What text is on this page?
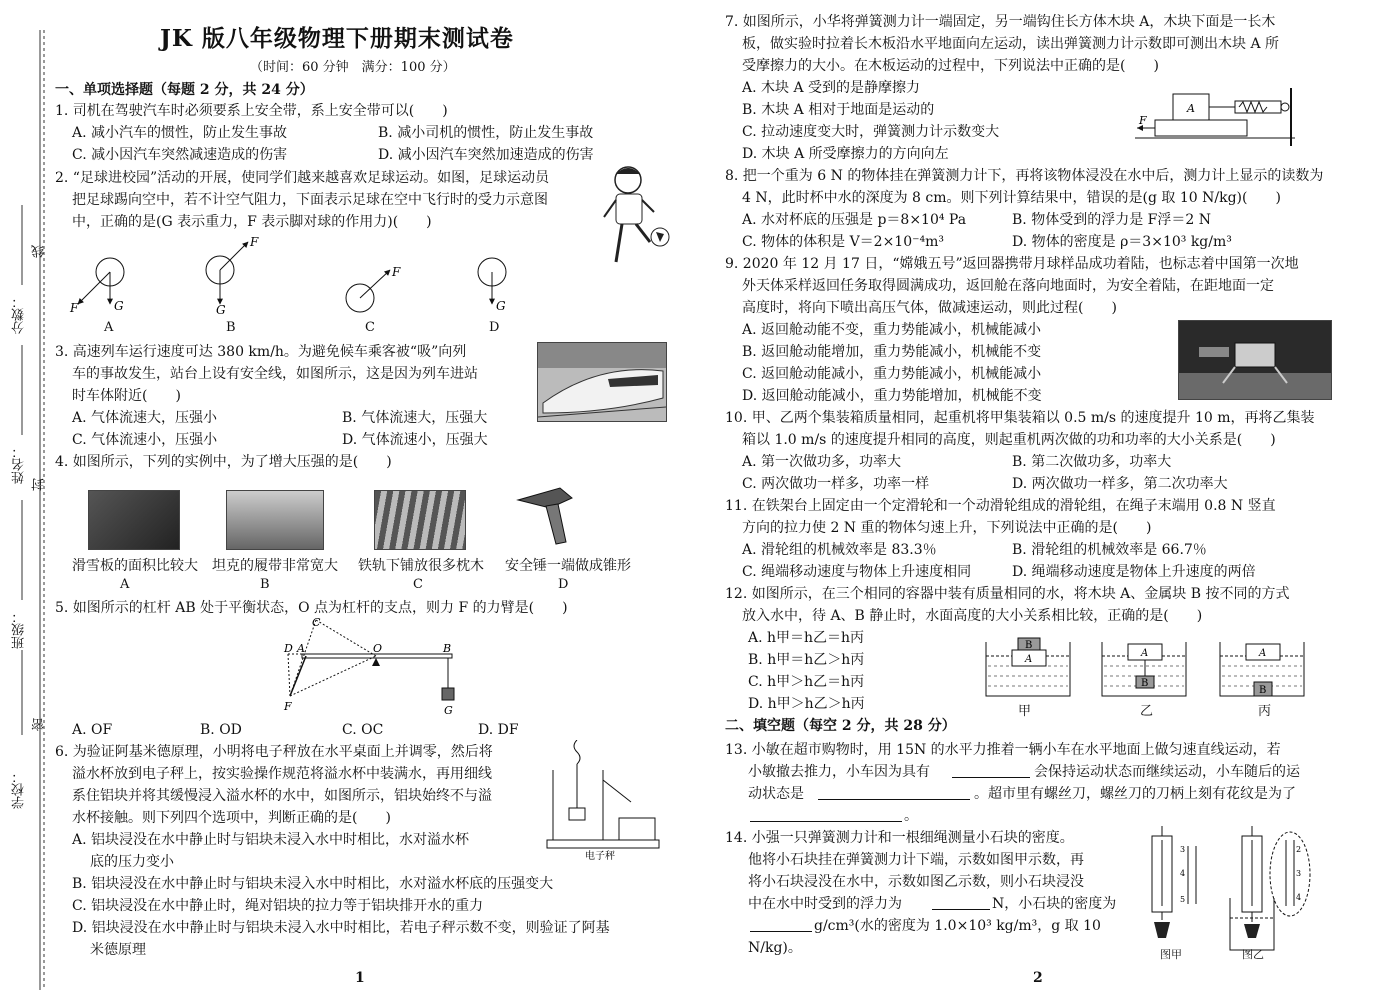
学校：
班级：
姓名：
分数：
线
封
密
JK 版八年级物理下册期末测试卷
（时间：60 分钟　满分：100 分）
一、单项选择题（每题 2 分，共 24 分）
1. 司机在驾驶汽车时必须要系上安全带，系上安全带可以(　　)
A. 减小汽车的惯性，防止发生事故	B. 减小司机的惯性，防止发生事故
C. 减小因汽车突然减速造成的伤害	D. 减小因汽车突然加速造成的伤害
2. “足球进校园”活动的开展，使同学们越来越喜欢足球运动。如图，足球运动员
把足球踢向空中，若不计空气阻力，下面表示足球在空中飞行时的受力示意图
中，正确的是(G 表示重力，F 表示脚对球的作用力)(　　)
F	G
F
G
F
G
A	B	C	D
3. 高速列车运行速度可达 380 km/h。为避免候车乘客被“吸”向列
车的事故发生，站台上设有安全线，如图所示，这是因为列车进站
时车体附近(　　)
A. 气体流速大，压强小	B. 气体流速大，压强大
C. 气体流速小，压强小	D. 气体流速小，压强大
4. 如图所示，下列的实例中，为了增大压强的是(　　)
滑雪板的面积比较大 坦克的履带非常宽大 铁轨下铺放很多枕木 安全锤一端做成锥形
A	B	C	D
5. 如图所示的杠杆 AB 处于平衡状态，O 点为杠杆的支点，则力 F 的力臂是(　　)
C
D A	O	B
F	G
A. OF	B. OD	C. OC	D. DF
6. 为验证阿基米德原理，小明将电子秤放在水平桌面上并调零，然后将
溢水杯放到电子秤上，按实验操作规范将溢水杯中装满水，再用细线
系住铝块并将其缓慢浸入溢水杯的水中，如图所示，铝块始终不与溢
水杯接触。则下列四个选项中，判断正确的是(　　)
A. 铝块浸没在水中静止时与铝块未浸入水中时相比，水对溢水杯
底的压力变小
B. 铝块浸没在水中静止时与铝块未浸入水中时相比，水对溢水杯底的压强变大
C. 铝块浸没在水中静止时，绳对铝块的拉力等于铝块排开水的重力
D. 铝块浸没在水中静止时与铝块未浸入水中时相比，若电子秤示数不变，则验证了阿基
米德原理
电子秤
1
7. 如图所示，小华将弹簧测力计一端固定，另一端钩住长方体木块 A，木块下面是一长木
板，做实验时拉着长木板沿水平地面向左运动，读出弹簧测力计示数即可测出木块 A 所
受摩擦力的大小。在木板运动的过程中，下列说法中正确的是(　　)
A. 木块 A 受到的是静摩擦力
B. 木块 A 相对于地面是运动的
C. 拉动速度变大时，弹簧测力计示数变大
D. 木块 A 所受摩擦力的方向向左
A
F
8. 把一个重为 6 N 的物体挂在弹簧测力计下，再将该物体浸没在水中后，测力计上显示的读数为
4 N，此时杯中水的深度为 8 cm。则下列计算结果中，错误的是(g 取 10 N/kg)(　　)
A. 水对杯底的压强是 p＝8×10⁴ Pa	B. 物体受到的浮力是 F浮＝2 N
C. 物体的体积是 V＝2×10⁻⁴m³	D. 物体的密度是 ρ＝3×10³ kg/m³
9. 2020 年 12 月 17 日，“嫦娥五号”返回器携带月球样品成功着陆，也标志着中国第一次地
外天体采样返回任务取得圆满成功，返回舱在落向地面时，为安全着陆，在距地面一定
高度时，将向下喷出高压气体，做减速运动，则此过程(　　)
A. 返回舱动能不变，重力势能减小，机械能减小
B. 返回舱动能增加，重力势能减小，机械能不变
C. 返回舱动能减小，重力势能减小，机械能减小
D. 返回舱动能减小，重力势能增加，机械能不变
10. 甲、乙两个集装箱质量相同，起重机将甲集装箱以 0.5 m/s 的速度提升 10 m，再将乙集装
箱以 1.0 m/s 的速度提升相同的高度，则起重机两次做的功和功率的大小关系是(　　)
A. 第一次做功多，功率大	B. 第二次做功多，功率大
C. 两次做功一样多，功率一样	D. 两次做功一样多，第二次功率大
11. 在铁架台上固定由一个定滑轮和一个动滑轮组成的滑轮组，在绳子末端用 0.8 N 竖直
方向的拉力使 2 N 重的物体匀速上升，下列说法中正确的是(　　)
A. 滑轮组的机械效率是 83.3％	B. 滑轮组的机械效率是 66.7％
C. 绳端移动速度与物体上升速度相同	D. 绳端移动速度是物体上升速度的两倍
12. 如图所示，在三个相同的容器中装有质量相同的水，将木块 A、金属块 B 按不同的方式
放入水中，待 A、B 静止时，水面高度的大小关系相比较，正确的是(　　)
A. h甲＝h乙＝h丙
B. h甲＝h乙＞h丙
C. h甲＞h乙＝h丙
D. h甲＞h乙＞h丙
B
A
A
B
A
B
甲	乙	丙
二、填空题（每空 2 分，共 28 分）
13. 小敏在超市购物时，用 15N 的水平力推着一辆小车在水平地面上做匀速直线运动，若
小敏撤去推力，小车因为具有	会保持运动状态而继续运动，小车随后的运
动状态是	。超市里有螺丝刀，螺丝刀的刀柄上刻有花纹是为了
。
14. 小强一只弹簧测力计和一根细绳测量小石块的密度。
他将小石块挂在弹簧测力计下端，示数如图甲示数，再
将小石块浸没在水中，示数如图乙示数，则小石块浸没
中在水中时受到的浮力为	N，小石块的密度为
g/cm³(水的密度为 1.0×10³ kg/m³，g 取 10
N/kg)。
3
4
5
2
3
4
图甲	图乙
2
